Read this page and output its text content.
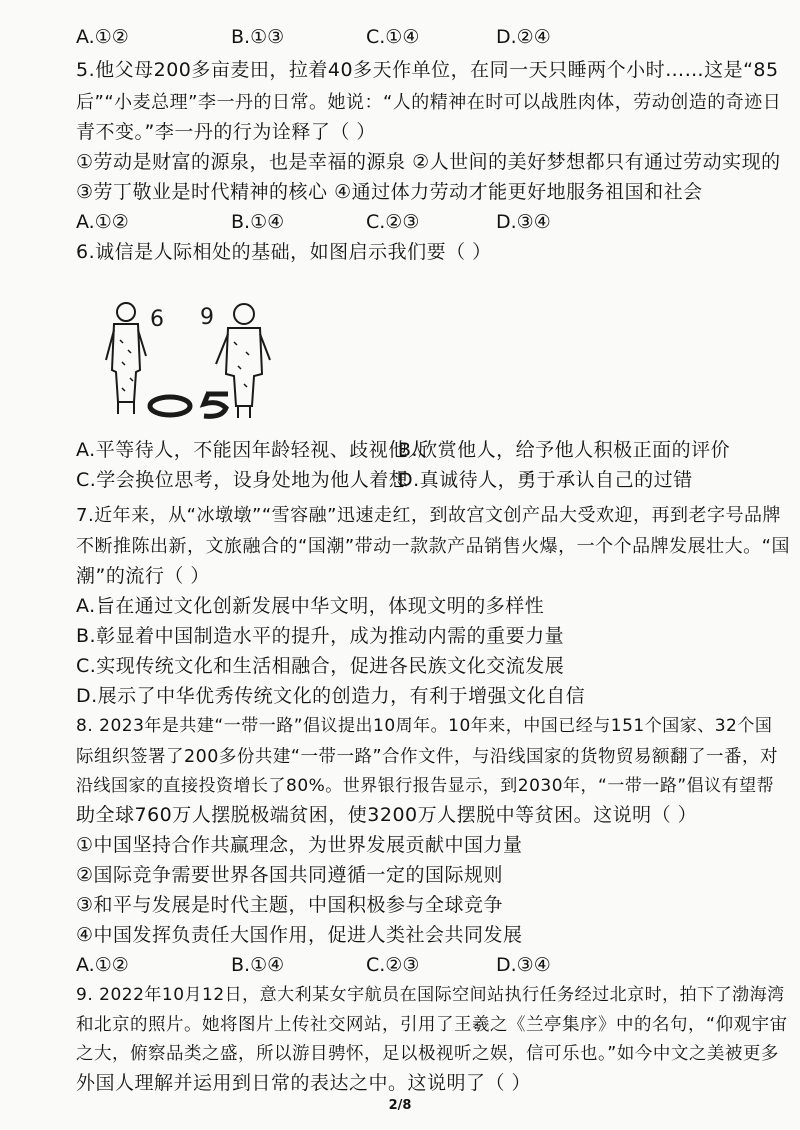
A.①②	B.①③	C.①④	D.②④
5.他父母200多亩麦田，拉着40多天作单位，在同一天只睡两个小时……这是“85
后”“小麦总理”李一丹的日常。她说：“人的精神在时可以战胜肉体，劳动创造的奇迹日
青不变。”李一丹的行为诠释了（ ）
①劳动是财富的源泉，也是幸福的源泉 ②人世间的美好梦想都只有通过劳动实现的
③劳丁敬业是时代精神的核心 ④通过体力劳动才能更好地服务祖国和社会
A.①②	B.①④	C.②③	D.③④
6.诚信是人际相处的基础，如图启示我们要（ ）
6 9
A.平等待人，不能因年龄轻视、歧视他人
B.欣赏他人，给予他人积极正面的评价
C.学会换位思考，设身处地为他人着想
D.真诚待人，勇于承认自己的过错
7.近年来，从“冰墩墩”“雪容融”迅速走红，到故宫文创产品大受欢迎，再到老字号品牌
不断推陈出新，文旅融合的“国潮”带动一款款产品销售火爆，一个个品牌发展壮大。“国
潮”的流行（ ）
A.旨在通过文化创新发展中华文明，体现文明的多样性
B.彰显着中国制造水平的提升，成为推动内需的重要力量
C.实现传统文化和生活相融合，促进各民族文化交流发展
D.展示了中华优秀传统文化的创造力，有利于增强文化自信
8. 2023年是共建“一带一路”倡议提出10周年。10年来，中国已经与151个国家、32个国
际组织签署了200多份共建“一带一路”合作文件，与沿线国家的货物贸易额翻了一番，对
沿线国家的直接投资增长了80%。世界银行报告显示，到2030年，“一带一路”倡议有望帮
助全球760万人摆脱极端贫困，使3200万人摆脱中等贫困。这说明（ ）
①中国坚持合作共赢理念，为世界发展贡献中国力量
②国际竞争需要世界各国共同遵循一定的国际规则
③和平与发展是时代主题，中国积极参与全球竞争
④中国发挥负责任大国作用，促进人类社会共同发展
A.①②	B.①④	C.②③	D.③④
9. 2022年10月12日，意大利某女宇航员在国际空间站执行任务经过北京时，拍下了渤海湾
和北京的照片。她将图片上传社交网站，引用了王羲之《兰亭集序》中的名句，“仰观宇宙
之大，俯察品类之盛，所以游目骋怀，足以极视听之娱，信可乐也。”如今中文之美被更多
外国人理解并运用到日常的表达之中。这说明了（ ）
2/8
